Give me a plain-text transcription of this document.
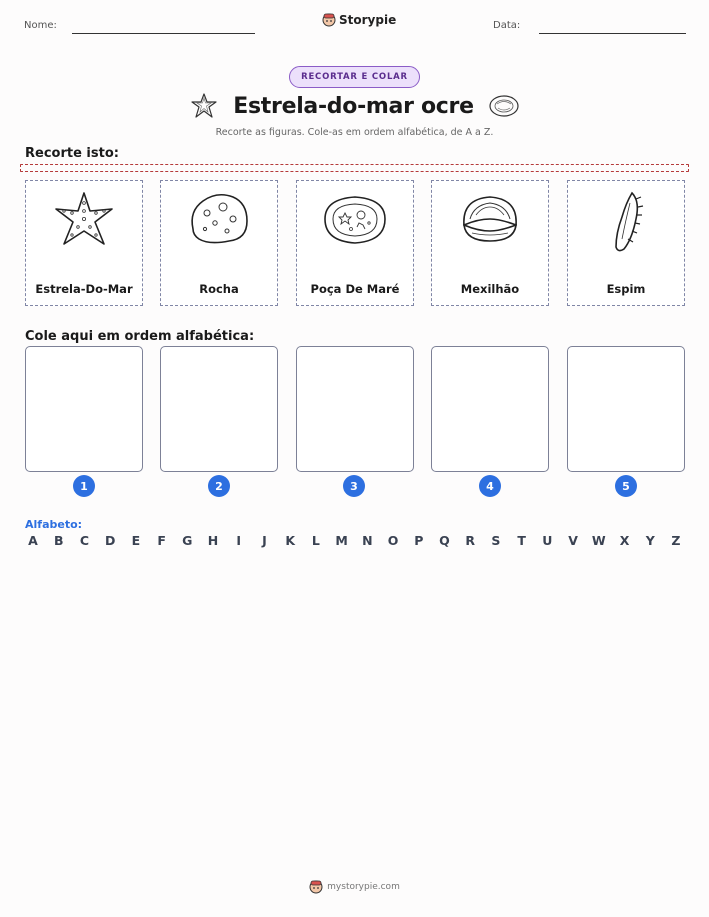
Nome:	Storypie	Data:
RECORTAR E COLAR
Estrela-do-mar ocre
Recorte as figuras. Cole-as em ordem alfabética, de A a Z.
Recorte isto:
Estrela-Do-Mar	Rocha	Poça De Maré	Mexilhão	Espim
Cole aqui em ordem alfabética:
1	2	3	4	5
Alfabeto:
A B C D E F G H	I	J	K	L	M N O P Q R S T U V W X Y Z
mystorypie.com
